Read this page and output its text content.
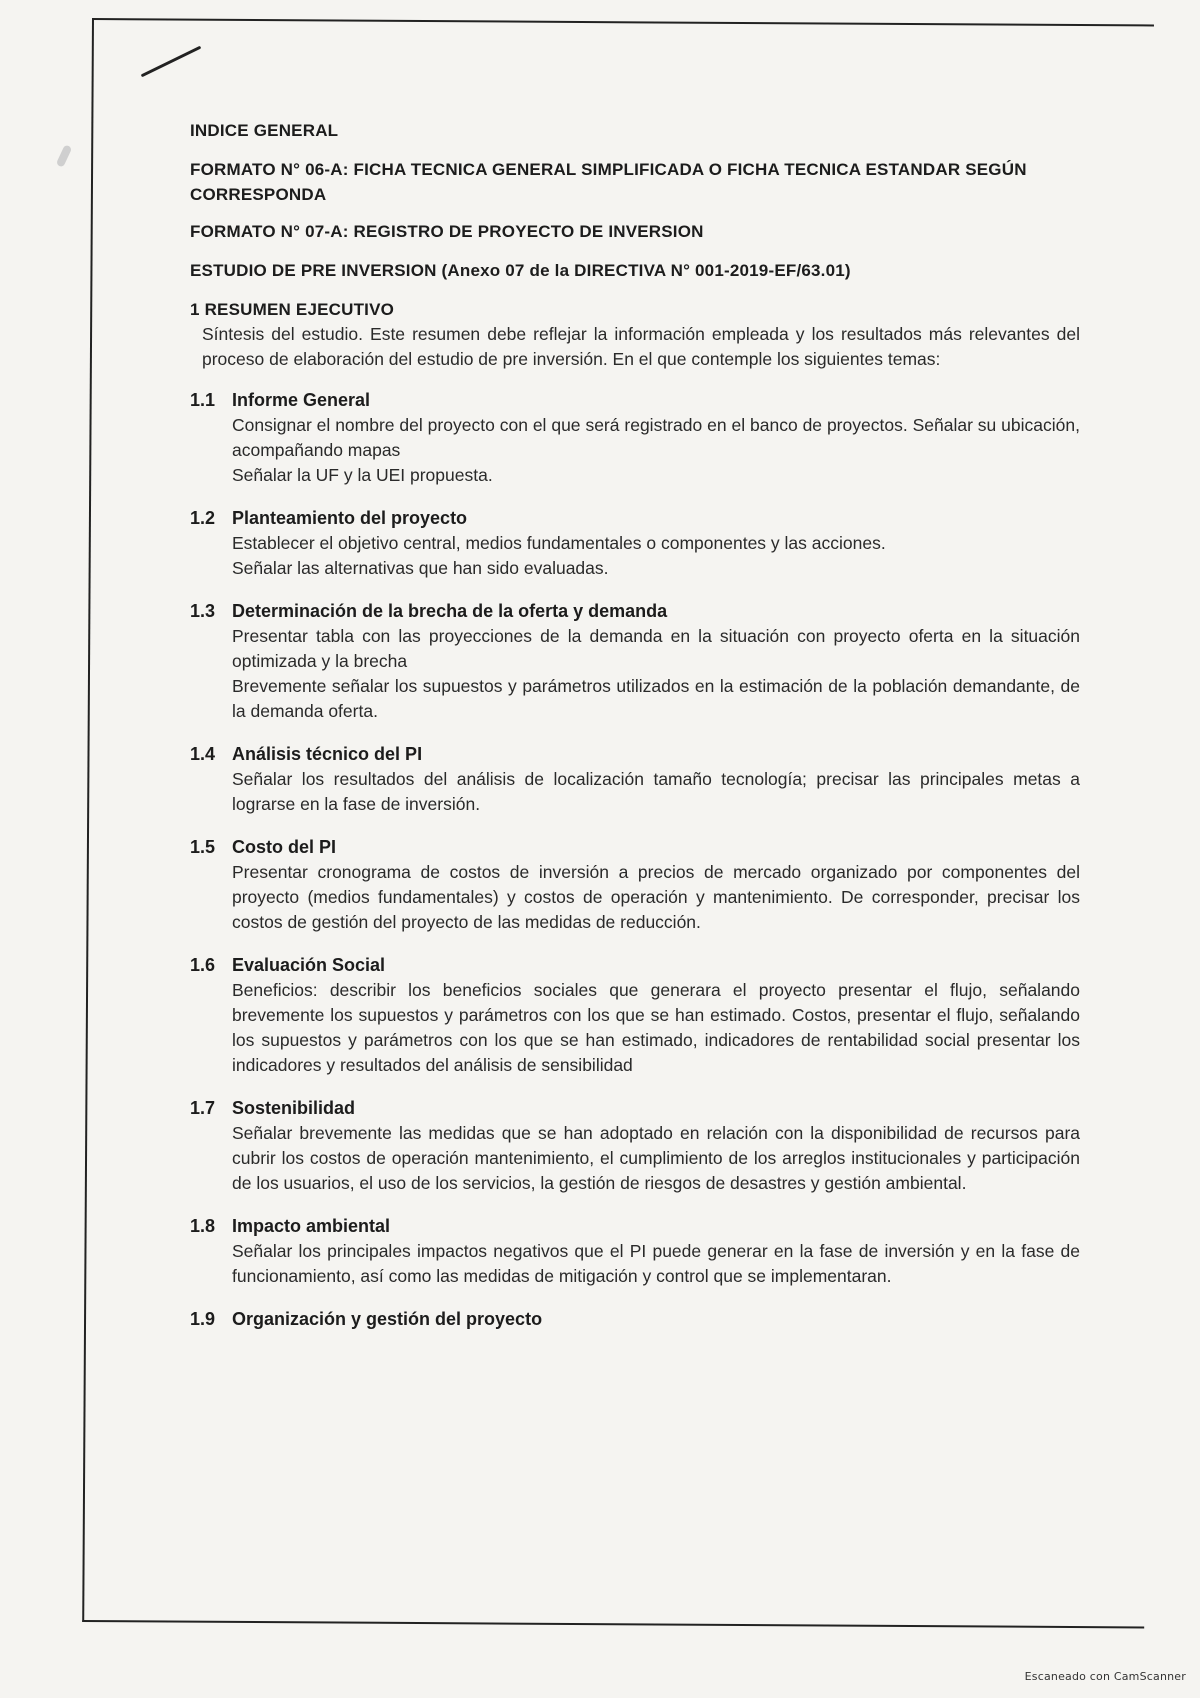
INDICE GENERAL

FORMATO N° 06-A: FICHA TECNICA GENERAL SIMPLIFICADA O FICHA TECNICA ESTANDAR SEGÚN CORRESPONDA

FORMATO N° 07-A: REGISTRO DE PROYECTO DE INVERSION

ESTUDIO DE PRE INVERSION (Anexo 07 de la DIRECTIVA N° 001-2019-EF/63.01)

1 RESUMEN EJECUTIVO

Síntesis del estudio. Este resumen debe reflejar la información empleada y los resultados más relevantes del proceso de elaboración del estudio de pre inversión. En el que contemple los siguientes temas:

1.1 Informe General

Consignar el nombre del proyecto con el que será registrado en el banco de proyectos. Señalar su ubicación, acompañando mapas

Señalar la UF y la UEI propuesta.

1.2 Planteamiento del proyecto

Establecer el objetivo central, medios fundamentales o componentes y las acciones.

Señalar las alternativas que han sido evaluadas.

1.3 Determinación de la brecha de la oferta y demanda

Presentar tabla con las proyecciones de la demanda en la situación con proyecto oferta en la situación optimizada y la brecha

Brevemente señalar los supuestos y parámetros utilizados en la estimación de la población demandante, de la demanda oferta.

1.4 Análisis técnico del PI

Señalar los resultados del análisis de localización tamaño tecnología; precisar las principales metas a lograrse en la fase de inversión.

1.5 Costo del PI

Presentar cronograma de costos de inversión a precios de mercado organizado por componentes del proyecto (medios fundamentales) y costos de operación y mantenimiento. De corresponder, precisar los costos de gestión del proyecto de las medidas de reducción.

1.6 Evaluación Social

Beneficios: describir los beneficios sociales que generara el proyecto presentar el flujo, señalando brevemente los supuestos y parámetros con los que se han estimado. Costos, presentar el flujo, señalando los supuestos y parámetros con los que se han estimado, indicadores de rentabilidad social presentar los indicadores y resultados del análisis de sensibilidad

1.7 Sostenibilidad

Señalar brevemente las medidas que se han adoptado en relación con la disponibilidad de recursos para cubrir los costos de operación mantenimiento, el cumplimiento de los arreglos institucionales y participación de los usuarios, el uso de los servicios, la gestión de riesgos de desastres y gestión ambiental.

1.8 Impacto ambiental

Señalar los principales impactos negativos que el PI puede generar en la fase de inversión y en la fase de funcionamiento, así como las medidas de mitigación y control que se implementaran.

1.9 Organización y gestión del proyecto
Escaneado con CamScanner
